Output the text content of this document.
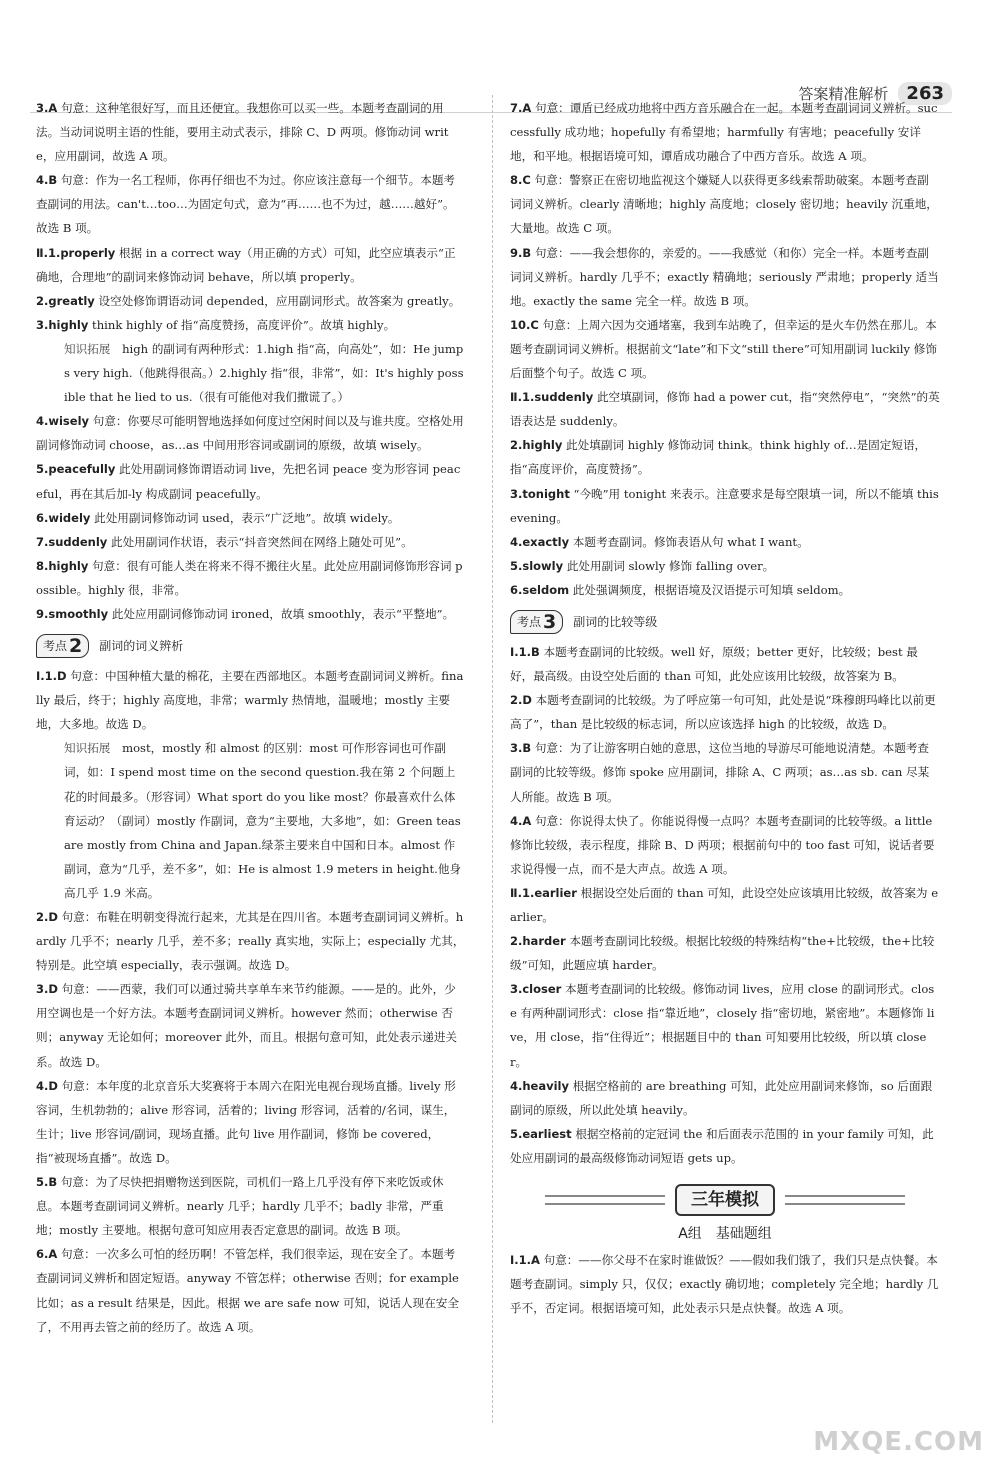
答案精准解析	263

3.A 句意：这种笔很好写，而且还便宜。我想你可以买一些。本题考查副词的用法。当动词说明主语的性能，要用主动式表示，排除 C、D 两项。修饰动词 write，应用副词，故选 A 项。

4.B 句意：作为一名工程师，你再仔细也不为过。你应该注意每一个细节。本题考查副词的用法。can't…too…为固定句式，意为“再……也不为过，越……越好”。故选 B 项。

Ⅱ.1.properly 根据 in a correct way（用正确的方式）可知，此空应填表示“正确地，合理地”的副词来修饰动词 behave，所以填 properly。

2.greatly 设空处修饰谓语动词 depended，应用副词形式。故答案为 greatly。

3.highly think highly of 指“高度赞扬，高度评价”。故填 highly。

知识拓展 high 的副词有两种形式：1.high 指“高，向高处”，如：He jumps very high.（他跳得很高。）2.highly 指“很，非常”，如：It's highly possible that he lied to us.（很有可能他对我们撒谎了。）

4.wisely 句意：你要尽可能明智地选择如何度过空闲时间以及与谁共度。空格处用副词修饰动词 choose，as…as 中间用形容词或副词的原级，故填 wisely。

5.peacefully 此处用副词修饰谓语动词 live，先把名词 peace 变为形容词 peaceful，再在其后加-ly 构成副词 peacefully。

6.widely 此处用副词修饰动词 used，表示“广泛地”。故填 widely。

7.suddenly 此处用副词作状语，表示“抖音突然间在网络上随处可见”。

8.highly 句意：很有可能人类在将来不得不搬往火星。此处应用副词修饰形容词 possible。highly 很，非常。

9.smoothly 此处应用副词修饰动词 ironed，故填 smoothly，表示“平整地”。

考点 2 副词的词义辨析

Ⅰ.1.D 句意：中国种植大量的棉花，主要在西部地区。本题考查副词词义辨析。finally 最后，终于；highly 高度地，非常；warmly 热情地，温暖地；mostly 主要地，大多地。故选 D。

知识拓展 most，mostly 和 almost 的区别：most 可作形容词也可作副词，如：I spend most time on the second question.我在第 2 个问题上花的时间最多。（形容词）What sport do you like most？你最喜欢什么体育运动？（副词）mostly 作副词，意为“主要地，大多地”，如：Green teas are mostly from China and Japan.绿茶主要来自中国和日本。almost 作副词，意为“几乎，差不多”，如：He is almost 1.9 meters in height.他身高几乎 1.9 米高。

2.D 句意：布鞋在明朝变得流行起来，尤其是在四川省。本题考查副词词义辨析。hardly 几乎不；nearly 几乎，差不多；really 真实地，实际上；especially 尤其，特别是。此空填 especially，表示强调。故选 D。

3.D 句意：——西蒙，我们可以通过骑共享单车来节约能源。——是的。此外，少用空调也是一个好方法。本题考查副词词义辨析。however 然而；otherwise 否则；anyway 无论如何；moreover 此外，而且。根据句意可知，此处表示递进关系。故选 D。

4.D 句意：本年度的北京音乐大奖赛将于本周六在阳光电视台现场直播。lively 形容词，生机勃勃的；alive 形容词，活着的；living 形容词，活着的/名词，谋生，生计；live 形容词/副词，现场直播。此句 live 用作副词，修饰 be covered，指“被现场直播”。故选 D。

5.B 句意：为了尽快把捐赠物送到医院，司机们一路上几乎没有停下来吃饭或休息。本题考查副词词义辨析。nearly 几乎；hardly 几乎不；badly 非常，严重地；mostly 主要地。根据句意可知应用表否定意思的副词。故选 B 项。

6.A 句意：一次多么可怕的经历啊！不管怎样，我们很幸运，现在安全了。本题考查副词词义辨析和固定短语。anyway 不管怎样；otherwise 否则；for example 比如；as a result 结果是，因此。根据 we are safe now 可知，说话人现在安全了，不用再去管之前的经历了。故选 A 项。

7.A 句意：谭盾已经成功地将中西方音乐融合在一起。本题考查副词词义辨析。successfully 成功地；hopefully 有希望地；harmfully 有害地；peacefully 安详地，和平地。根据语境可知，谭盾成功融合了中西方音乐。故选 A 项。

8.C 句意：警察正在密切地监视这个嫌疑人以获得更多线索帮助破案。本题考查副词词义辨析。clearly 清晰地；highly 高度地；closely 密切地；heavily 沉重地，大量地。故选 C 项。

9.B 句意：——我会想你的，亲爱的。——我感觉（和你）完全一样。本题考查副词词义辨析。hardly 几乎不；exactly 精确地；seriously 严肃地；properly 适当地。exactly the same 完全一样。故选 B 项。

10.C 句意：上周六因为交通堵塞，我到车站晚了，但幸运的是火车仍然在那儿。本题考查副词词义辨析。根据前文“late”和下文“still there”可知用副词 luckily 修饰后面整个句子。故选 C 项。

Ⅱ.1.suddenly 此空填副词，修饰 had a power cut，指“突然停电”，“突然”的英语表达是 suddenly。

2.highly 此处填副词 highly 修饰动词 think。think highly of…是固定短语，指“高度评价，高度赞扬”。

3.tonight “今晚”用 tonight 来表示。注意要求是每空限填一词，所以不能填 this evening。

4.exactly 本题考查副词。修饰表语从句 what I want。

5.slowly 此处用副词 slowly 修饰 falling over。

6.seldom 此处强调频度，根据语境及汉语提示可知填 seldom。

考点 3 副词的比较等级

Ⅰ.1.B 本题考查副词的比较级。well 好，原级；better 更好，比较级；best 最好，最高级。由设空处后面的 than 可知，此处应该用比较级，故答案为 B。

2.D 本题考查副词的比较级。为了呼应第一句可知，此处是说“珠穆朗玛峰比以前更高了”，than 是比较级的标志词，所以应该选择 high 的比较级，故选 D。

3.B 句意：为了让游客明白她的意思，这位当地的导游尽可能地说清楚。本题考查副词的比较等级。修饰 spoke 应用副词，排除 A、C 两项；as…as sb. can 尽某人所能。故选 B 项。

4.A 句意：你说得太快了。你能说得慢一点吗？本题考查副词的比较等级。a little 修饰比较级，表示程度，排除 B、D 两项；根据前句中的 too fast 可知，说话者要求说得慢一点，而不是大声点。故选 A 项。

Ⅱ.1.earlier 根据设空处后面的 than 可知，此设空处应该填用比较级，故答案为 earlier。

2.harder 本题考查副词比较级。根据比较级的特殊结构“the+比较级，the+比较级”可知，此题应填 harder。

3.closer 本题考查副词的比较级。修饰动词 lives，应用 close 的副词形式。close 有两种副词形式：close 指“靠近地”，closely 指“密切地，紧密地”。本题修饰 live，用 close，指“住得近”；根据题目中的 than 可知要用比较级，所以填 closer。

4.heavily 根据空格前的 are breathing 可知，此处应用副词来修饰，so 后面跟副词的原级，所以此处填 heavily。

5.earliest 根据空格前的定冠词 the 和后面表示范围的 in your family 可知，此处应用副词的最高级修饰动词短语 gets up。

三年模拟
A组　基础题组

Ⅰ.1.A 句意：——你父母不在家时谁做饭？——假如我们饿了，我们只是点快餐。本题考查副词。simply 只，仅仅；exactly 确切地；completely 完全地；hardly 几乎不，否定词。根据语境可知，此处表示只是点快餐。故选 A 项。

MXQE.COM
